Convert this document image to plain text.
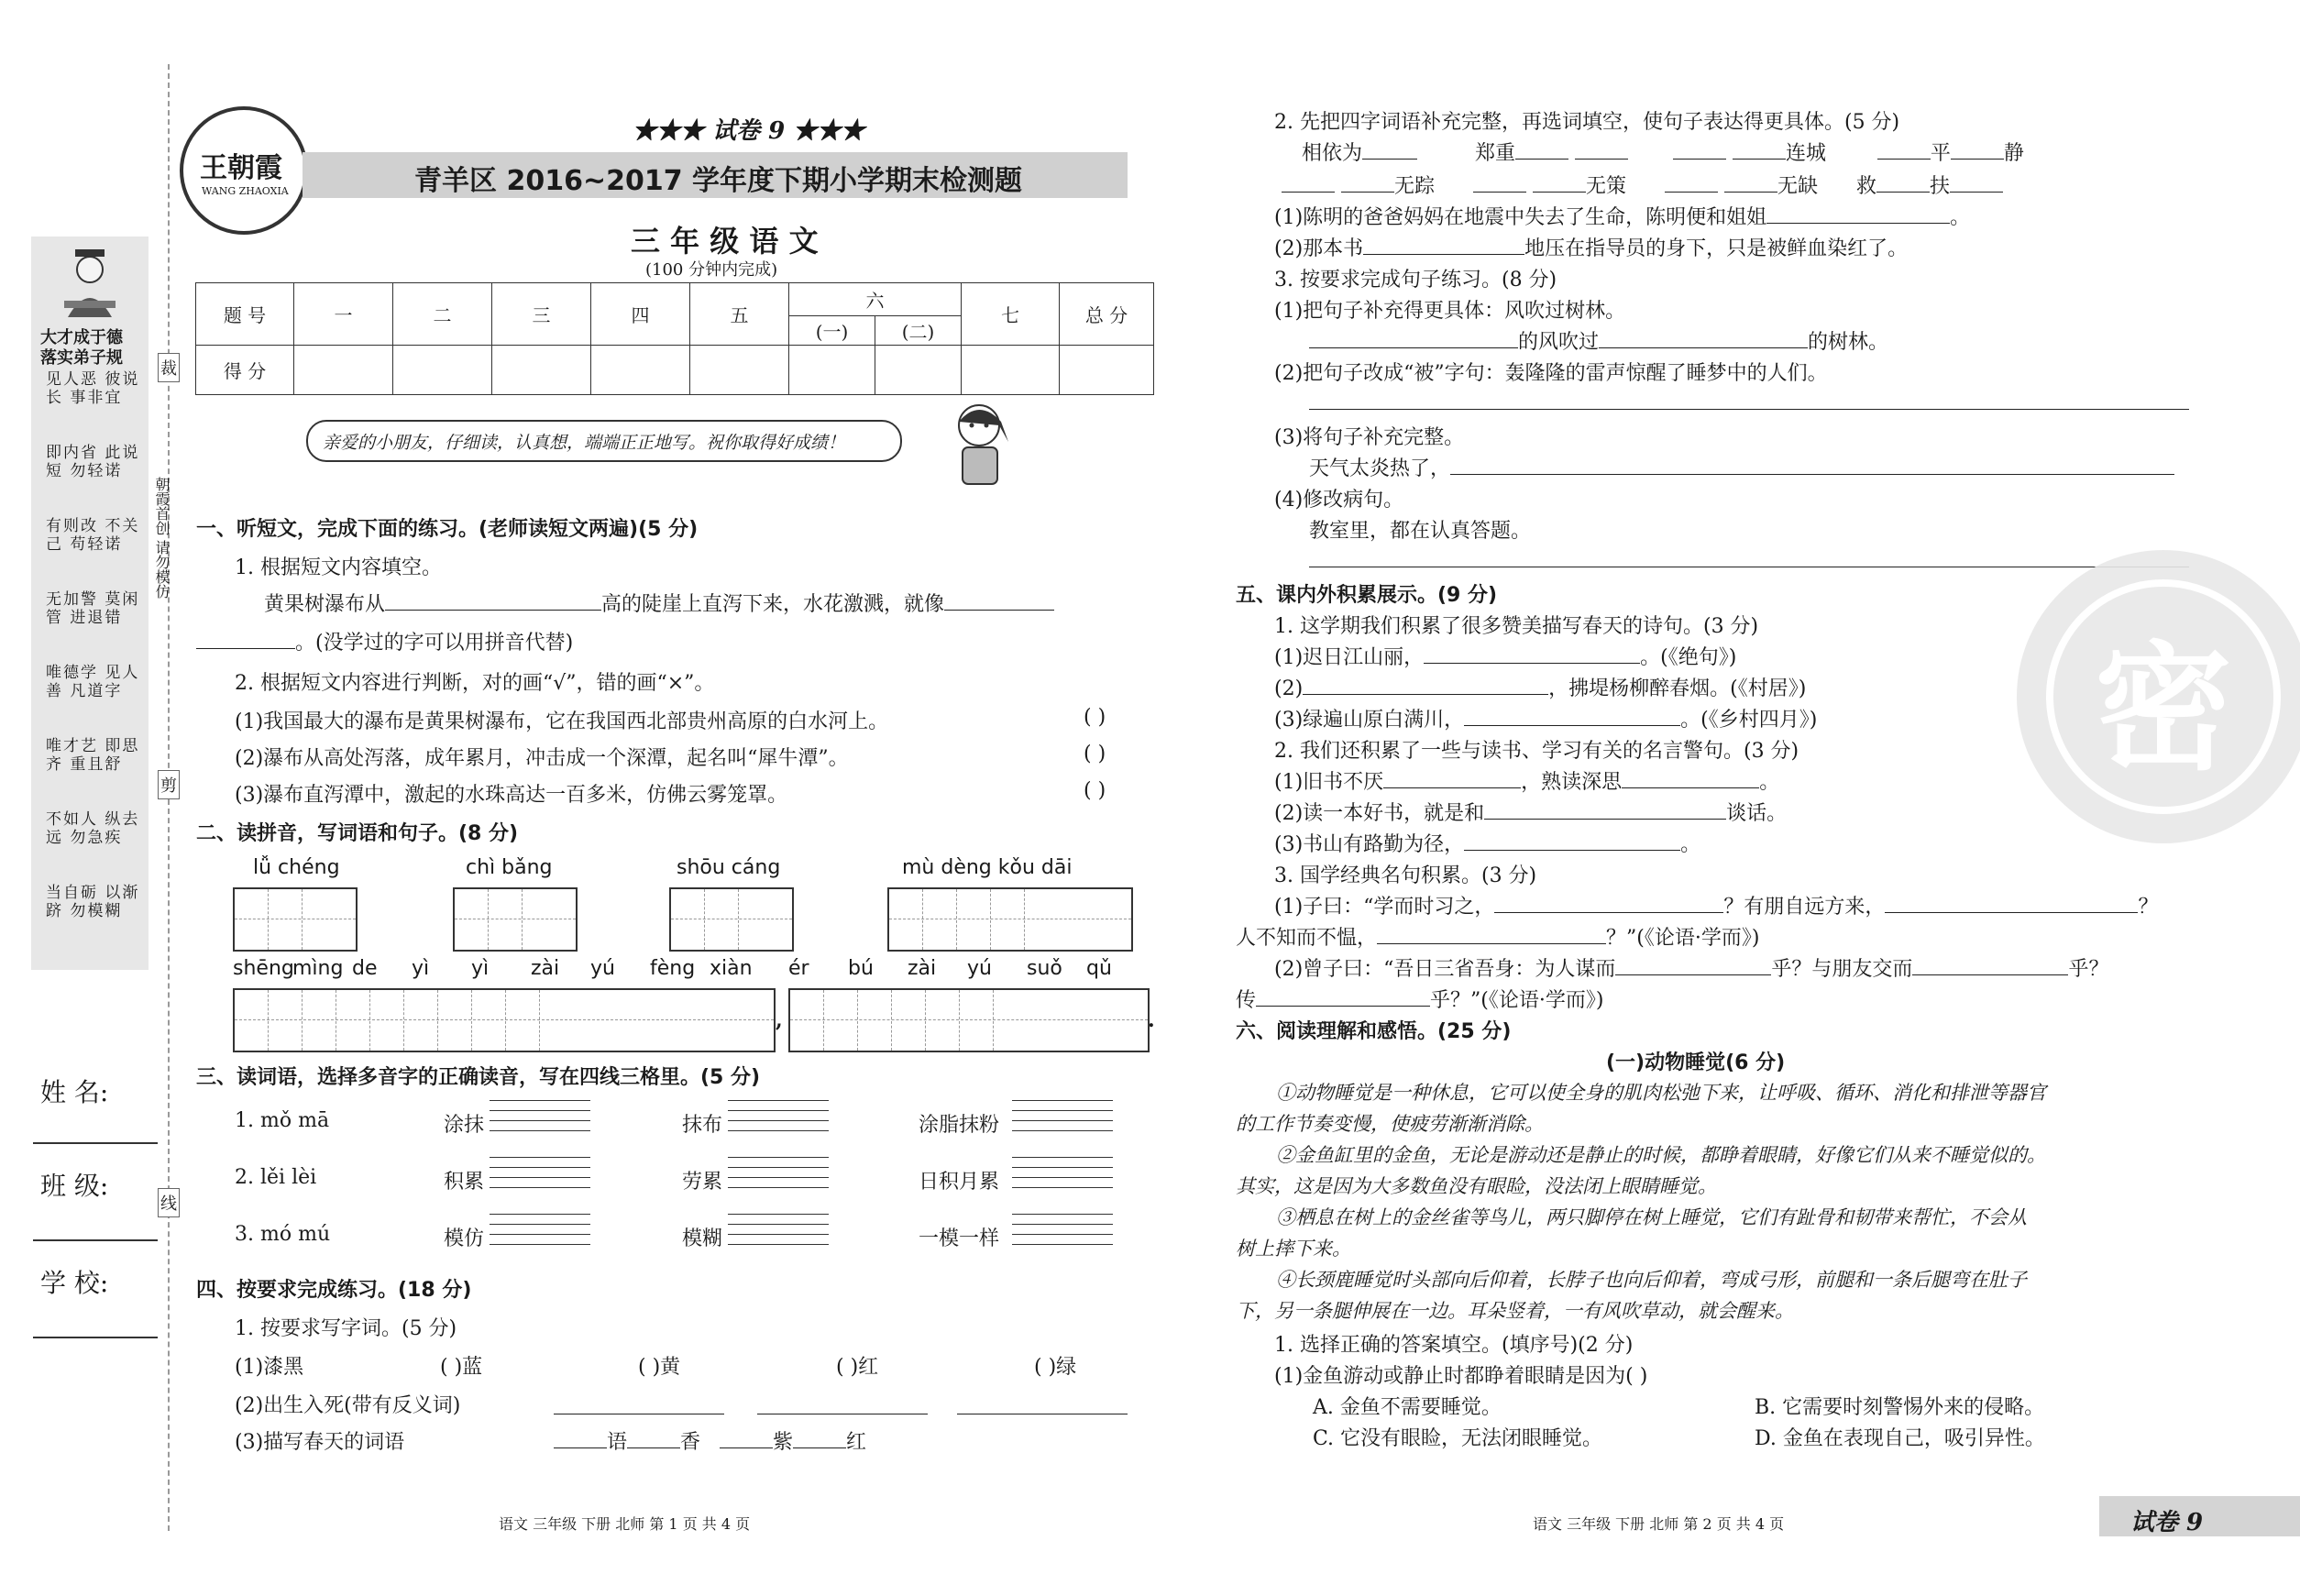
大才成于德
落实弟子规
见人恶 彼说长 事非宜
即内省 此说短 勿轻诺
有则改 不关己 苟轻诺
无加警 莫闲管 进退错
唯德学 见人善 凡道字
唯才艺 即思齐 重且舒
不如人 纵去远 勿急疾
当自砺 以渐跻 勿模糊
姓 名:
班 级:
学 校:
裁
剪
线
朝霞首创 请勿模仿
王朝霞
WANG ZHAOXIA
★★★ 试卷 9 ★★★
青羊区 2016~2017 学年度下期小学期末检测题
三 年 级 语 文
(100 分钟内完成)
题 号	一	二	三	四	五	六		七	总 分
						(一)	(二)		
得 分									
亲爱的小朋友，仔细读，认真想，端端正正地写。祝你取得好成绩！
一、听短文，完成下面的练习。(老师读短文两遍)(5 分)
1. 根据短文内容填空。
黄果树瀑布从	高的陡崖上直泻下来，水花激溅，就像
。(没学过的字可以用拼音代替)
2. 根据短文内容进行判断，对的画“√”，错的画“×”。
(1)我国最大的瀑布是黄果树瀑布，它在我国西北部贵州高原的白水河上。	( )
(2)瀑布从高处泻落，成年累月，冲击成一个深潭，起名叫“犀牛潭”。	( )
(3)瀑布直泻潭中，激起的水珠高达一百多米，仿佛云雾笼罩。	( )
二、读拼音，写词语和句子。(8 分)
lǚ chéng	chì bǎng	shōu cáng	mù dèng kǒu dāi
shēng
mìng de yì yì zài yú fèng xiàn ér bú zài yú suǒ qǔ
,	.
三、读词语，选择多音字的正确读音，写在四线三格里。(5 分)
1. mǒ mā	涂抹	抹布	涂脂抹粉
2. lěi lèi	积累	劳累	日积月累
3. mó mú	模仿	模糊	一模一样
四、按要求完成练习。(18 分)
1. 按要求写字词。(5 分)
(1)漆黑	( )蓝	( )黄	( )红	( )绿
(2)出生入死(带有反义词)
(3)描写春天的词语	语	香	紫	红
语文 三年级 下册 北师 第 1 页 共 4 页
2. 先把四字词语补充完整，再选词填空，使句子表达得更具体。(5 分)
相依为	郑重	连城	平	静
无踪	无策	无缺 救	扶
(1)陈明的爸爸妈妈在地震中失去了生命，陈明便和姐姐	。
(2)那本书	地压在指导员的身下，只是被鲜血染红了。
3. 按要求完成句子练习。(8 分)
(1)把句子补充得更具体：风吹过树林。
的风吹过	的树林。
(2)把句子改成“被”字句：轰隆隆的雷声惊醒了睡梦中的人们。
(3)将句子补充完整。
天气太炎热了，
(4)修改病句。
教室里，都在认真答题。
五、课内外积累展示。(9 分)
1. 这学期我们积累了很多赞美描写春天的诗句。(3 分)
(1)迟日江山丽，	。(《绝句》)
(2)	，拂堤杨柳醉春烟。(《村居》)
(3)绿遍山原白满川，	。(《乡村四月》)
2. 我们还积累了一些与读书、学习有关的名言警句。(3 分)
(1)旧书不厌	，熟读深思	。
(2)读一本好书，就是和	谈话。
(3)书山有路勤为径，	。
3. 国学经典名句积累。(3 分)
(1)子曰：“学而时习之，	？有朋自远方来，	？
人不知而不愠，	？”(《论语·学而》)
(2)曾子曰：“吾日三省吾身：为人谋而	乎？与朋友交而	乎？
传	乎？”(《论语·学而》)
六、阅读理解和感悟。(25 分)
(一)动物睡觉(6 分)
①动物睡觉是一种休息，它可以使全身的肌肉松弛下来，让呼吸、循环、消化和排泄等器官
的工作节奏变慢，使疲劳渐渐消除。
②金鱼缸里的金鱼，无论是游动还是静止的时候，都睁着眼睛，好像它们从来不睡觉似的。
其实，这是因为大多数鱼没有眼睑，没法闭上眼睛睡觉。
③栖息在树上的金丝雀等鸟儿，两只脚停在树上睡觉，它们有趾骨和韧带来帮忙，不会从
树上摔下来。
④长颈鹿睡觉时头部向后仰着，长脖子也向后仰着，弯成弓形，前腿和一条后腿弯在肚子
下，另一条腿伸展在一边。耳朵竖着，一有风吹草动，就会醒来。
1. 选择正确的答案填空。(填序号)(2 分)
(1)金鱼游动或静止时都睁着眼睛是因为( )
A. 金鱼不需要睡觉。	B. 它需要时刻警惕外来的侵略。
C. 它没有眼睑，无法闭眼睡觉。	D. 金鱼在表现自己，吸引异性。
密
语文 三年级 下册 北师 第 2 页 共 4 页	试卷 9
